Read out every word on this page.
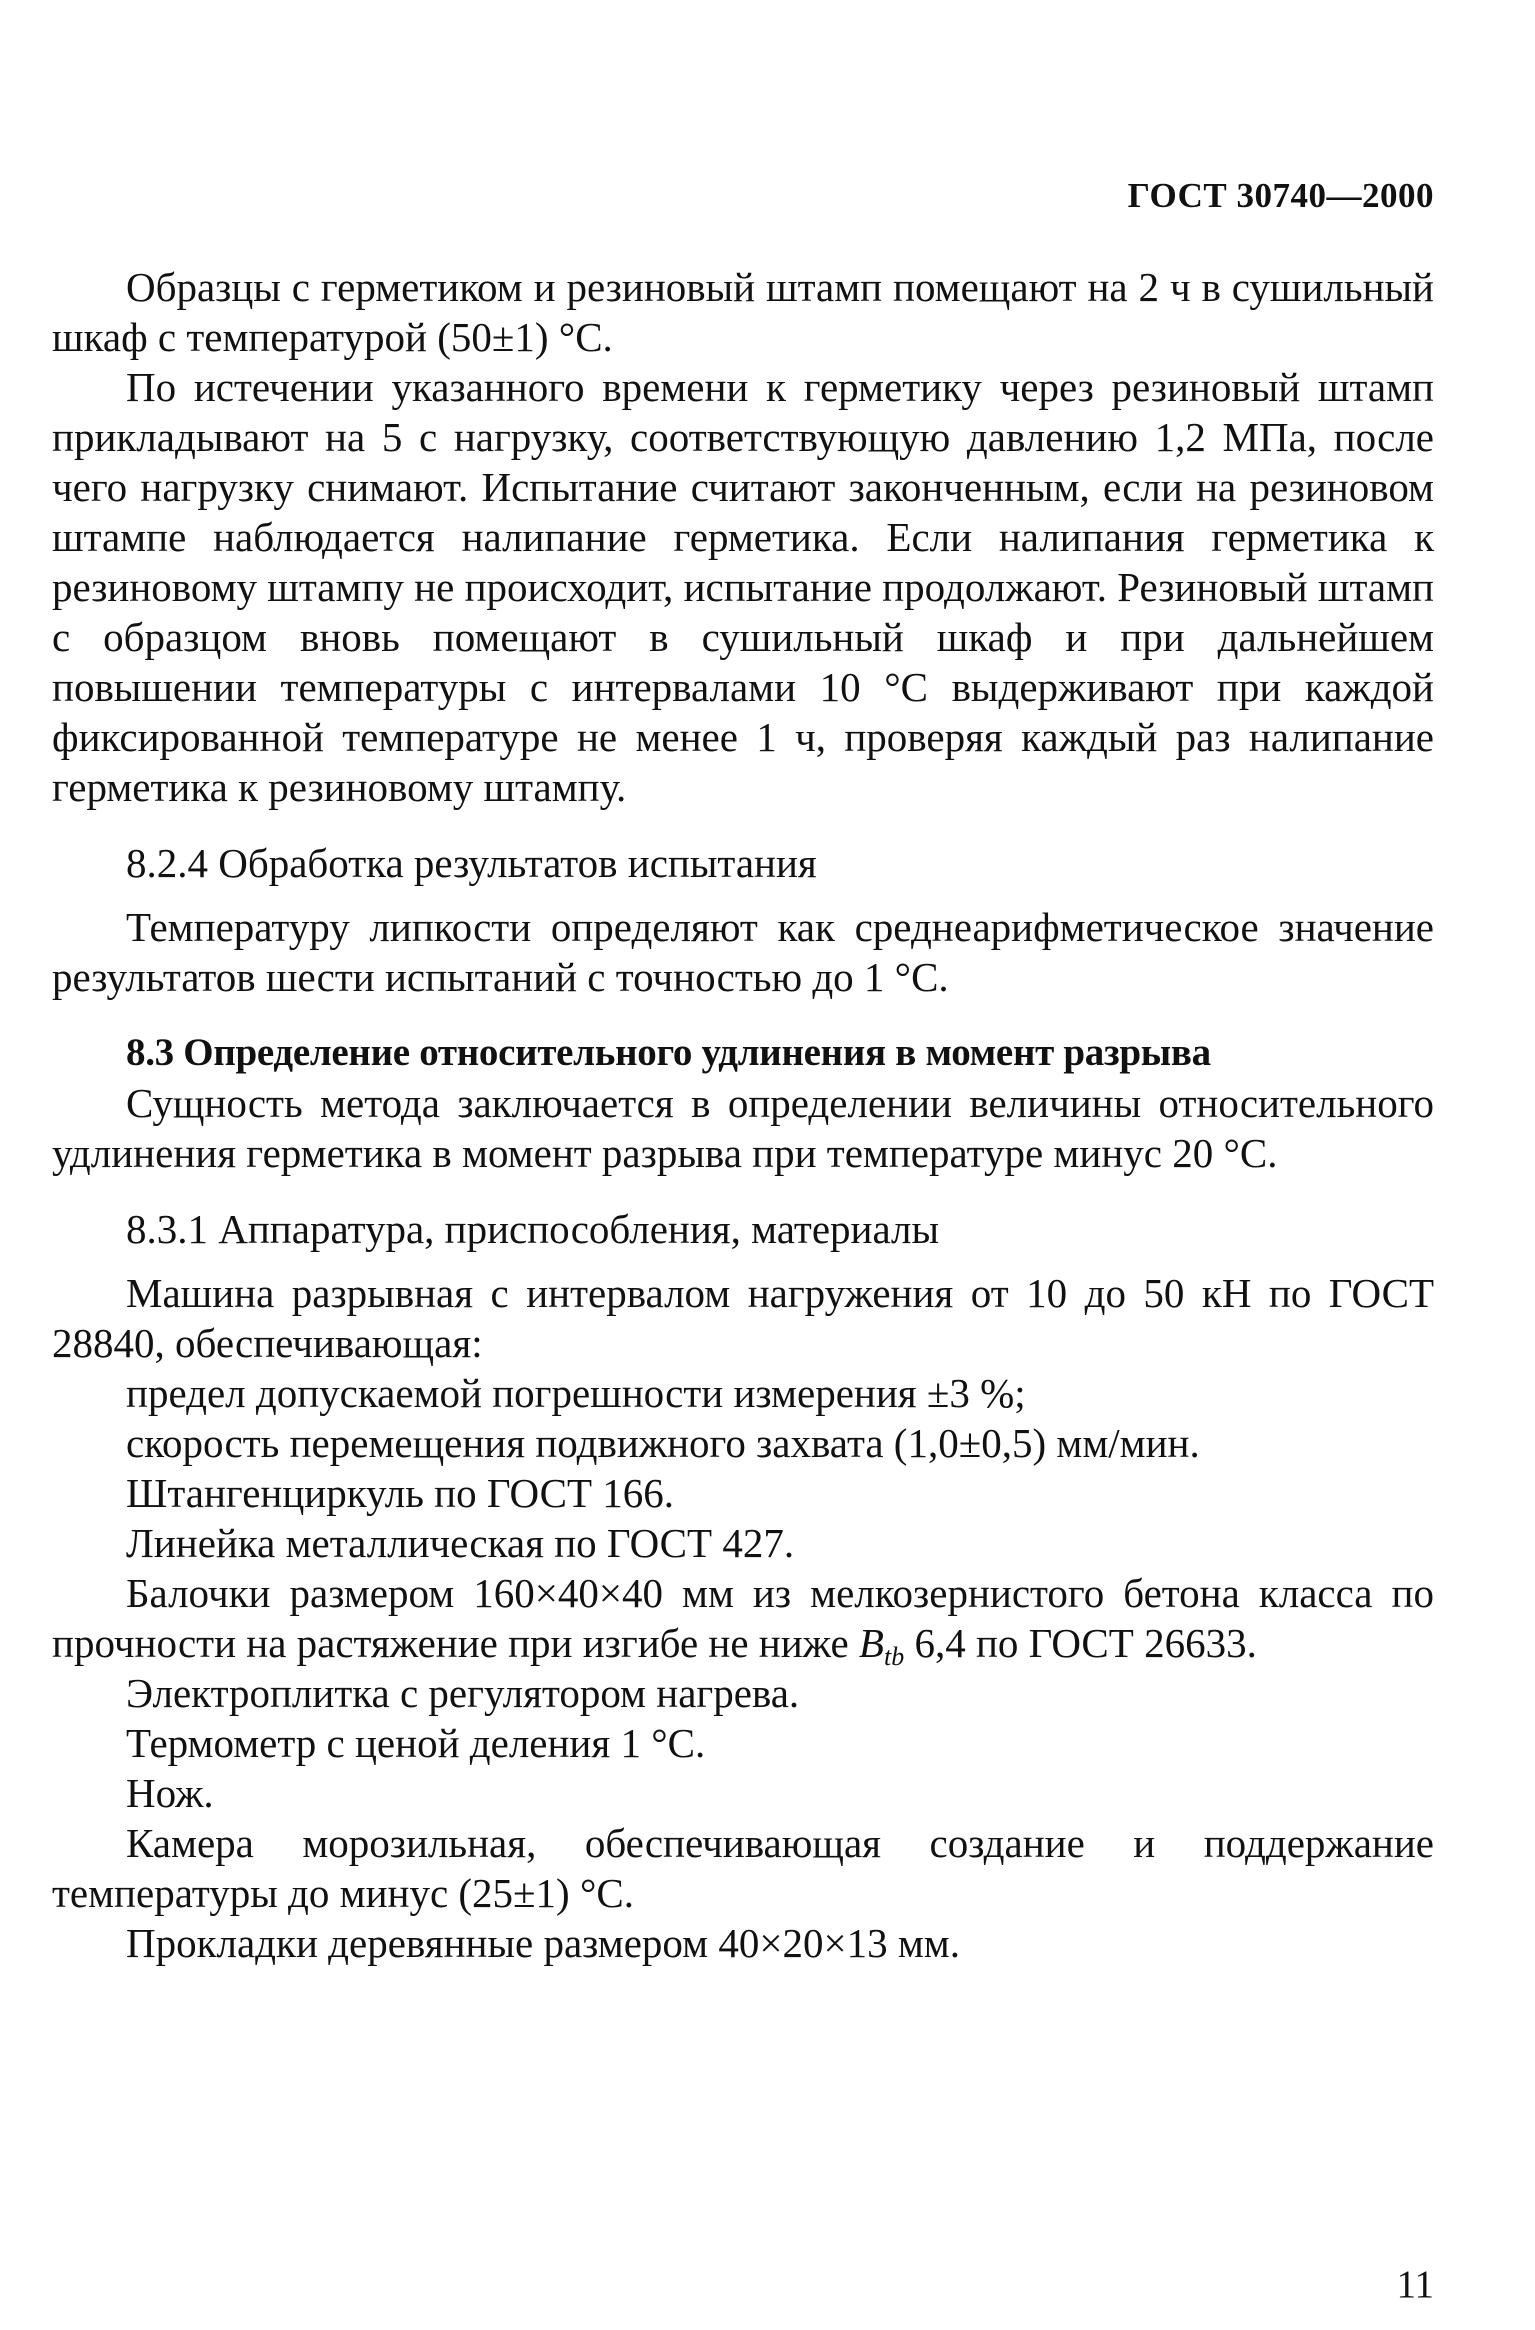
ГОСТ 30740—2000

Образцы с герметиком и резиновый штамп помещают на 2 ч в сушильный шкаф с температурой (50±1) °С.

По истечении указанного времени к герметику через резиновый штамп прикладывают на 5 с нагрузку, соответствующую давлению 1,2 МПа, после чего нагрузку снимают. Испытание считают законченным, если на резиновом штампе наблюдается налипание герметика. Если налипания герметика к резиновому штампу не происходит, испытание продолжают. Резиновый штамп с образцом вновь помещают в сушильный шкаф и при дальнейшем повышении температуры с интервалами 10 °С выдерживают при каждой фиксированной температуре не менее 1 ч, проверяя каждый раз налипание герметика к резиновому штампу.

8.2.4 Обработка результатов испытания

Температуру липкости определяют как среднеарифметическое значение результатов шести испытаний с точностью до 1 °С.

8.3 Определение относительного удлинения в момент разрыва

Сущность метода заключается в определении величины относительного удлинения герметика в момент разрыва при температуре минус 20 °С.

8.3.1 Аппаратура, приспособления, материалы

Машина разрывная с интервалом нагружения от 10 до 50 кН по ГОСТ 28840, обеспечивающая:

предел допускаемой погрешности измерения ±3 %;

скорость перемещения подвижного захвата (1,0±0,5) мм/мин.

Штангенциркуль по ГОСТ 166.

Линейка металлическая по ГОСТ 427.

Балочки размером 160×40×40 мм из мелкозернистого бетона класса по прочности на растяжение при изгибе не ниже $B_{tb}$ 6,4 по ГОСТ 26633.

Электроплитка с регулятором нагрева.

Термометр с ценой деления 1 °С.

Нож.

Камера морозильная, обеспечивающая создание и поддержание температуры до минус (25±1) °С.

Прокладки деревянные размером 40×20×13 мм.

11
